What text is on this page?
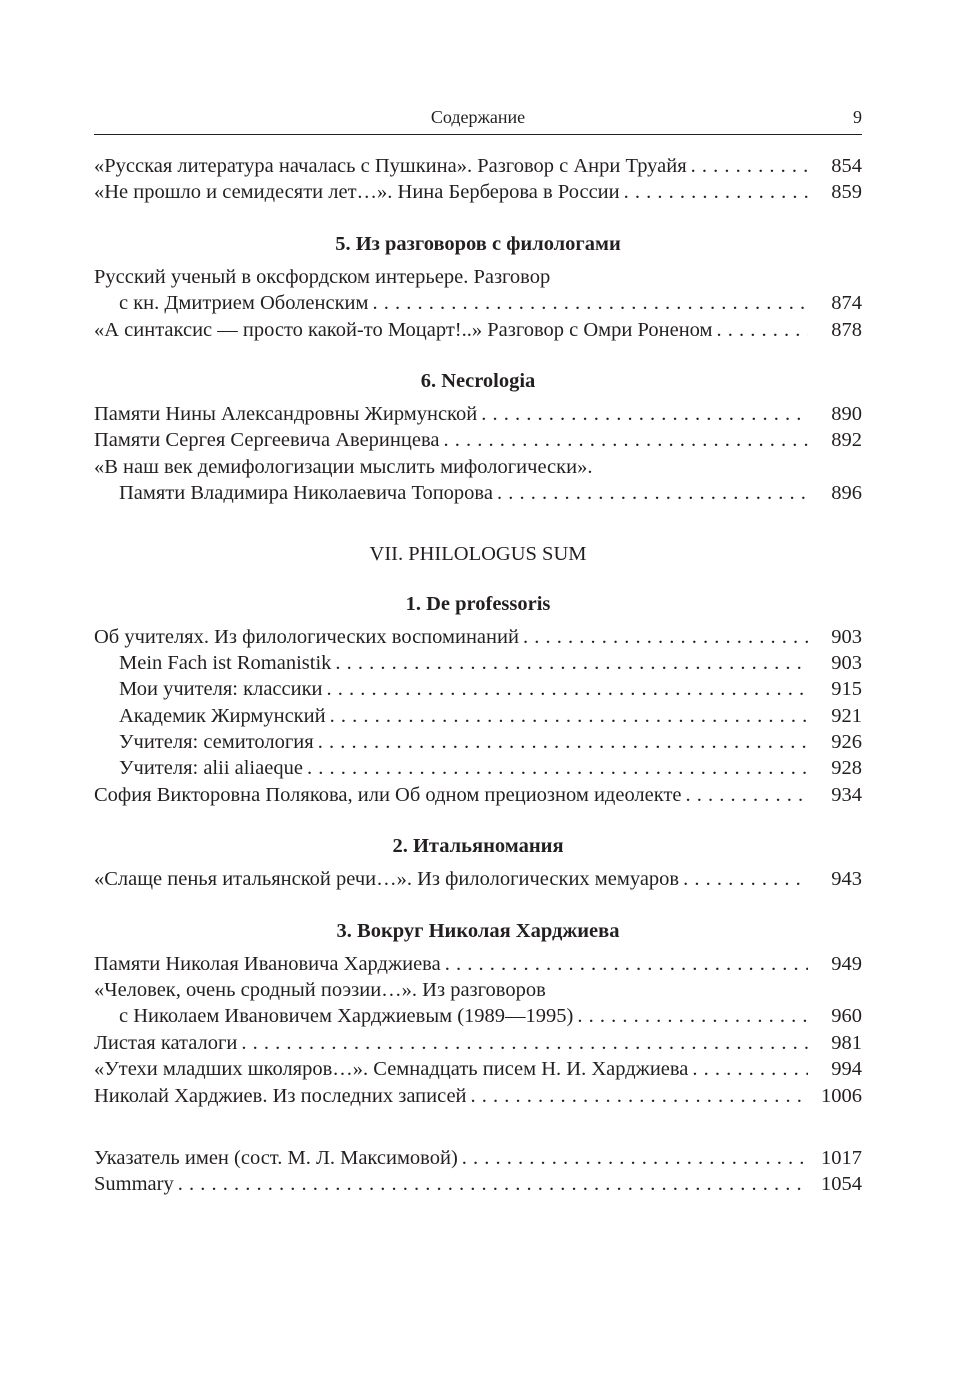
Содержание	9
«Русская литература началась с Пушкина». Разговор с Анри Труайя . . .	854
«Не прошло и семидесяти лет…». Нина Берберова в России . . .	859
5. Из разговоров с филологами
Русский ученый в оксфордском интерьере. Разговор
с кн. Дмитрием Оболенским . . .	874
«А синтаксис — просто какой-то Моцарт!..» Разговор с Омри Роненом . . .	878
6. Necrologia
Памяти Нины Александровны Жирмунской . . .	890
Памяти Сергея Сергеевича Аверинцева . . .	892
«В наш век демифологизации мыслить мифологически».
Памяти Владимира Николаевича Топорова . . .	896
VII. PHILOLOGUS SUM
1. De professoris
Об учителях. Из филологических воспоминаний . . .	903
Mein Fach ist Romanistik . . .	903
Мои учителя: классики . . .	915
Академик Жирмунский . . .	921
Учителя: семитология . . .	926
Учителя: alii aliaeque . . .	928
София Викторовна Полякова, или Об одном прециозном идеолекте . . .	934
2. Итальяномания
«Слаще пенья итальянской речи…». Из филологических мемуаров . . .	943
3. Вокруг Николая Харджиева
Памяти Николая Ивановича Харджиева . . .	949
«Человек, очень сродный поэзии…». Из разговоров
с Николаем Ивановичем Харджиевым (1989—1995) . . .	960
Листая каталоги . . .	981
«Утехи младших школяров…». Семнадцать писем Н. И. Харджиева . . .	994
Николай Харджиев. Из последних записей . . .	1006
Указатель имен (сост. М. Л. Максимовой) . . .	1017
Summary . . .	1054
